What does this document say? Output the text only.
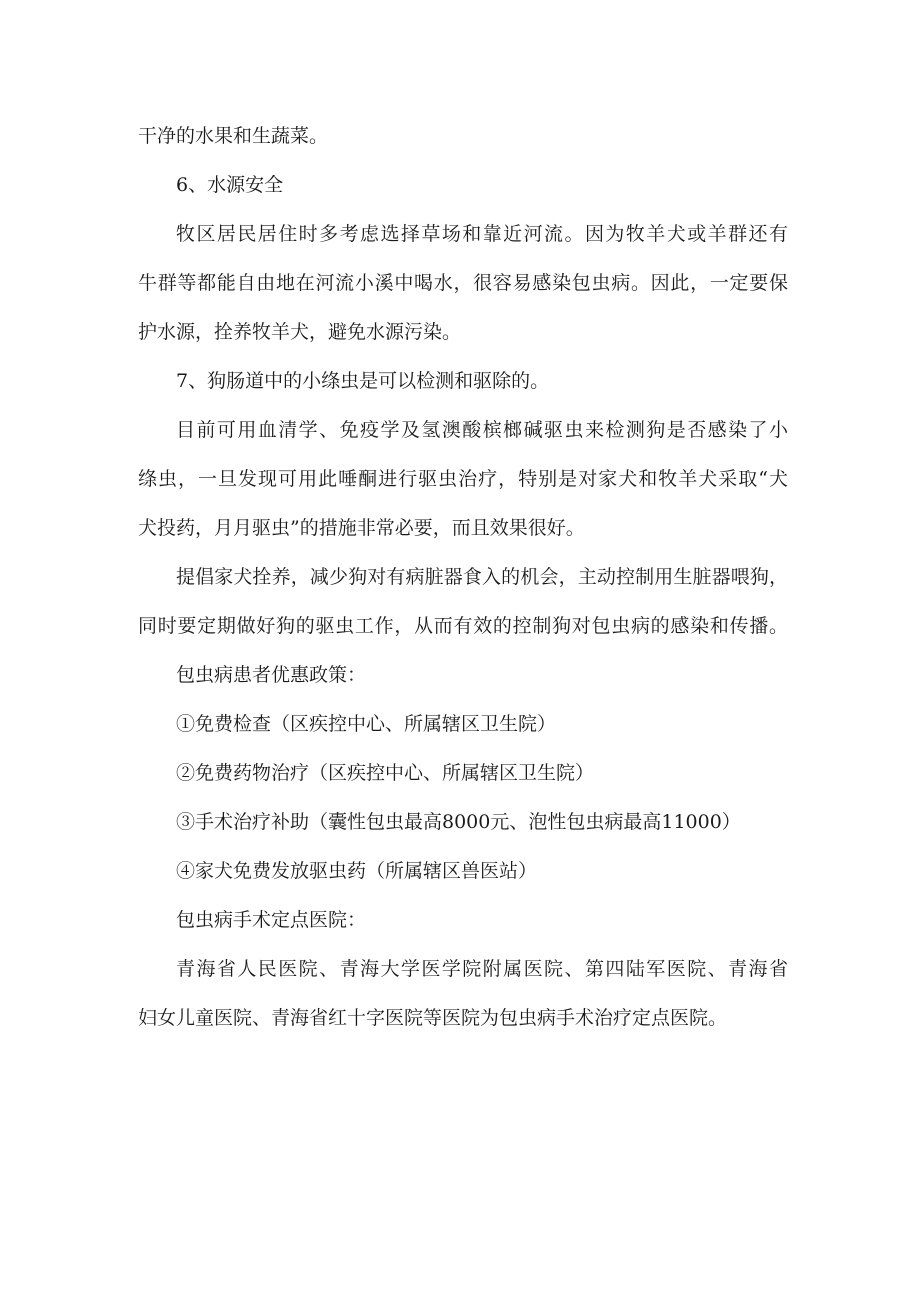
干净的水果和生蔬菜。

6、水源安全

牧区居民居住时多考虑选择草场和靠近河流。因为牧羊犬或羊群还有

牛群等都能自由地在河流小溪中喝水，很容易感染包虫病。因此，一定要保

护水源，拴养牧羊犬，避免水源污染。

7、狗肠道中的小绦虫是可以检测和驱除的。

目前可用血清学、免疫学及氢澳酸槟榔碱驱虫来检测狗是否感染了小

绦虫，一旦发现可用此唾酮进行驱虫治疗，特别是对家犬和牧羊犬采取“犬

犬投药，月月驱虫”的措施非常必要，而且效果很好。

提倡家犬拴养，减少狗对有病脏器食入的机会，主动控制用生脏器喂狗，

同时要定期做好狗的驱虫工作，从而有效的控制狗对包虫病的感染和传播。

包虫病患者优惠政策：

①免费检查（区疾控中心、所属辖区卫生院）

②免费药物治疗（区疾控中心、所属辖区卫生院）

③手术治疗补助（囊性包虫最高8000元、泡性包虫病最高11000）

④家犬免费发放驱虫药（所属辖区兽医站）

包虫病手术定点医院：

青海省人民医院、青海大学医学院附属医院、第四陆军医院、青海省

妇女儿童医院、青海省红十字医院等医院为包虫病手术治疗定点医院。
